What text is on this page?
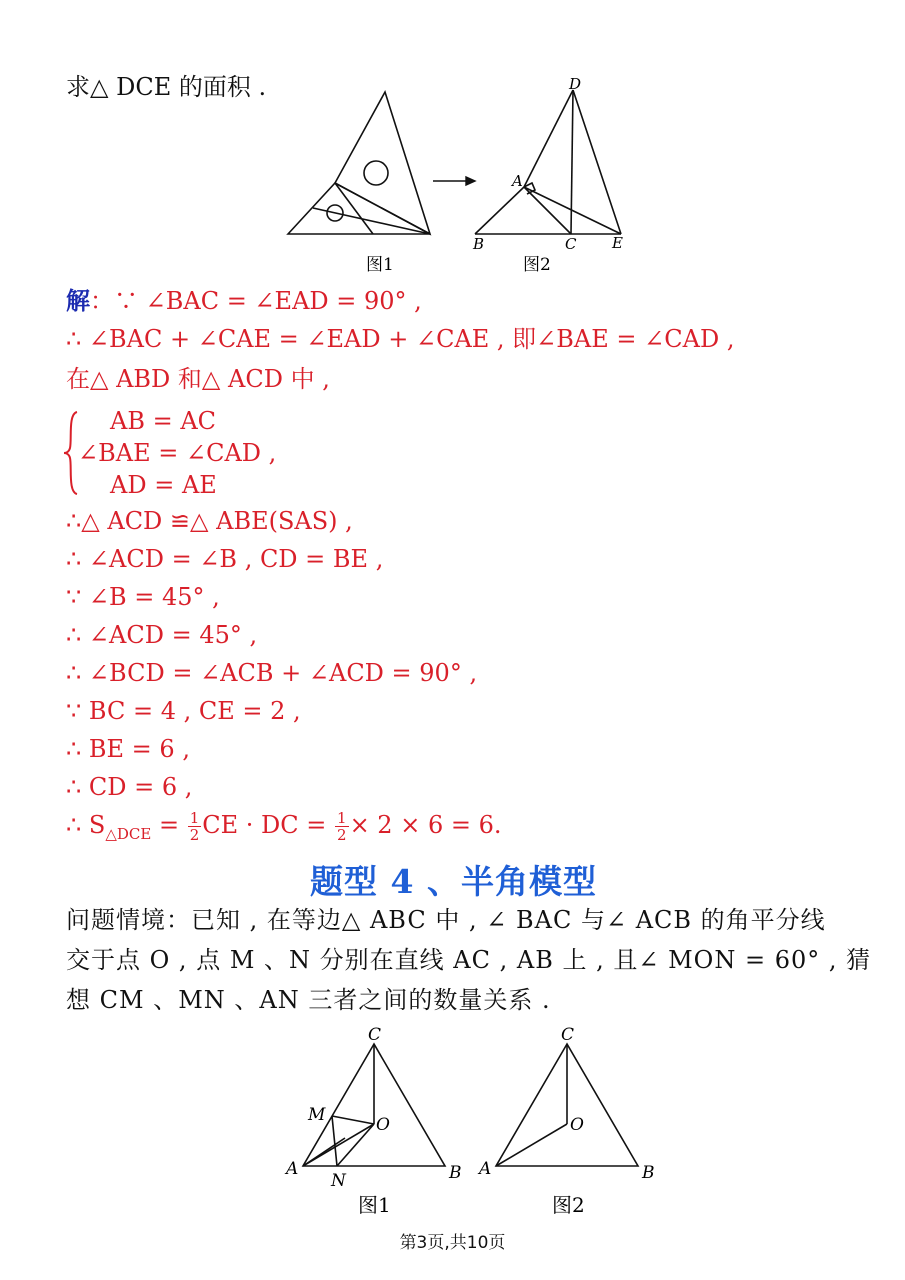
求△ DCE 的面积 .	D
A
B	C E
图1	图2
解：∵ ∠BAC = ∠EAD = 90° ,
∴ ∠BAC + ∠CAE = ∠EAD + ∠CAE , 即∠BAE = ∠CAD ,
在△ ABD 和△ ACD 中 ,
AB = AC
∠BAE = ∠CAD ,
AD = AE
∴△ ACD ≌△ ABE(SAS) ,
∴ ∠ACD = ∠B , CD = BE ,
∵ ∠B = 45° ,
∴ ∠ACD = 45° ,
∴ ∠BCD = ∠ACB + ∠ACD = 90° ,
∵ BC = 4 , CE = 2 ,
∴ BE = 6 ,
∴ CD = 6 ,
∴ $S_{\triangle DCE} = \frac{1}{2}$ CE · DC = $\frac{1}{2} \times 2 \times 6 = 6$.
题型 4 、半角模型
问题情境：已知 , 在等边△ ABC 中 , ∠ BAC 与∠ ACB 的角平分线
交于点 O , 点 M 、N 分别在直线 AC , AB 上 , 且∠ MON = 60° , 猜
想 CM 、MN 、AN 三者之间的数量关系 .
C
M	O
A
N	B
C
O
A	B
图1	图2
第3页,共10页
